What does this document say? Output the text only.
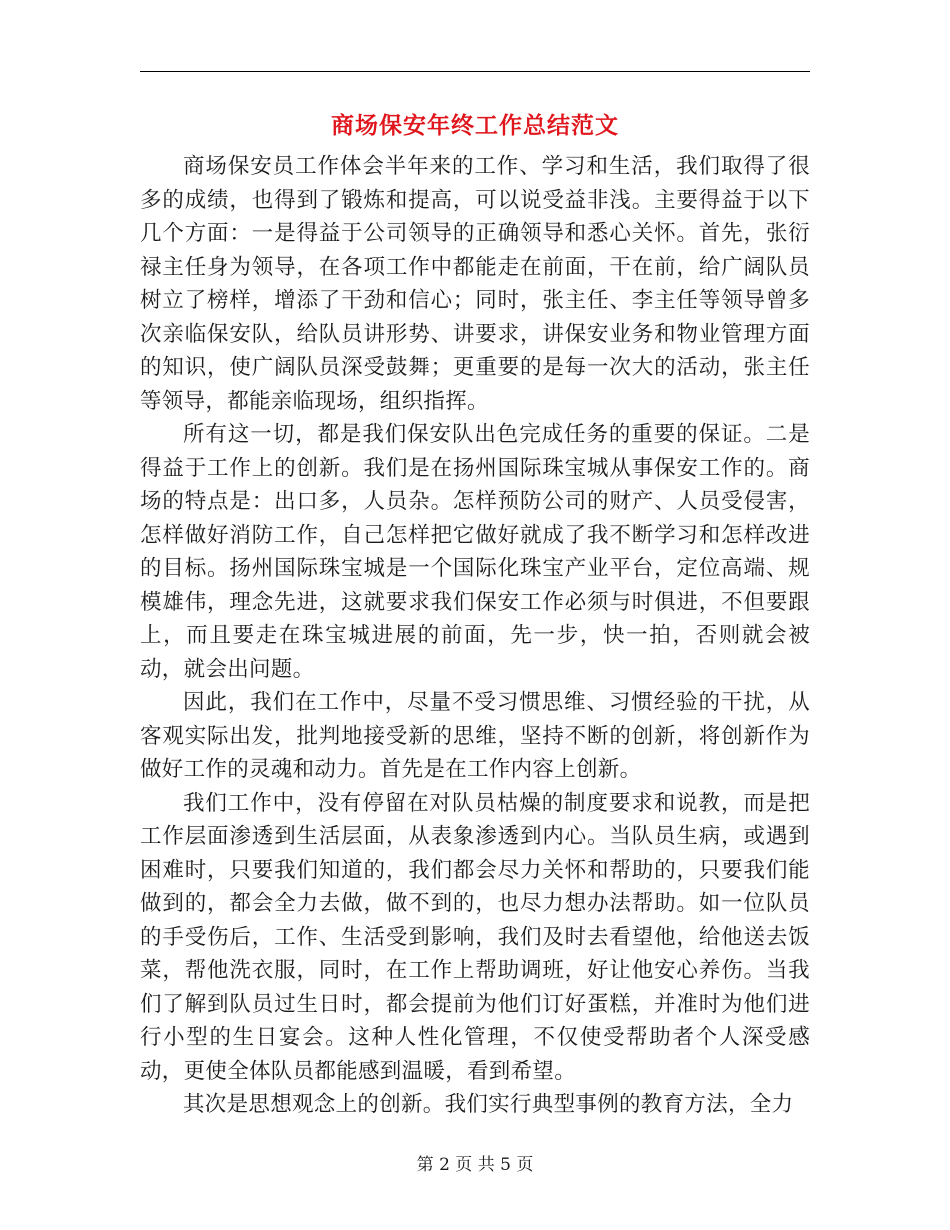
商场保安年终工作总结范文

商场保安员工作体会半年来的工作、学习和生活，我们取得了很多的成绩，也得到了锻炼和提高，可以说受益非浅。主要得益于以下几个方面：一是得益于公司领导的正确领导和悉心关怀。首先，张衍禄主任身为领导，在各项工作中都能走在前面，干在前，给广阔队员树立了榜样，增添了干劲和信心；同时，张主任、李主任等领导曾多次亲临保安队，给队员讲形势、讲要求，讲保安业务和物业管理方面的知识，使广阔队员深受鼓舞；更重要的是每一次大的活动，张主任等领导，都能亲临现场，组织指挥。

所有这一切，都是我们保安队出色完成任务的重要的保证。二是得益于工作上的创新。我们是在扬州国际珠宝城从事保安工作的。商场的特点是：出口多，人员杂。怎样预防公司的财产、人员受侵害，怎样做好消防工作，自己怎样把它做好就成了我不断学习和怎样改进的目标。扬州国际珠宝城是一个国际化珠宝产业平台，定位高端、规模雄伟，理念先进，这就要求我们保安工作必须与时俱进，不但要跟上，而且要走在珠宝城进展的前面，先一步，快一拍，否则就会被动，就会出问题。

因此，我们在工作中，尽量不受习惯思维、习惯经验的干扰，从客观实际出发，批判地接受新的思维，坚持不断的创新，将创新作为做好工作的灵魂和动力。首先是在工作内容上创新。

我们工作中，没有停留在对队员枯燥的制度要求和说教，而是把工作层面渗透到生活层面，从表象渗透到内心。当队员生病，或遇到困难时，只要我们知道的，我们都会尽力关怀和帮助的，只要我们能做到的，都会全力去做，做不到的，也尽力想办法帮助。如一位队员的手受伤后，工作、生活受到影响，我们及时去看望他，给他送去饭菜，帮他洗衣服，同时，在工作上帮助调班，好让他安心养伤。当我们了解到队员过生日时，都会提前为他们订好蛋糕，并准时为他们进行小型的生日宴会。这种人性化管理，不仅使受帮助者个人深受感动，更使全体队员都能感到温暖，看到希望。

其次是思想观念上的创新。我们实行典型事例的教育方法，全力

第 2 页 共 5 页
